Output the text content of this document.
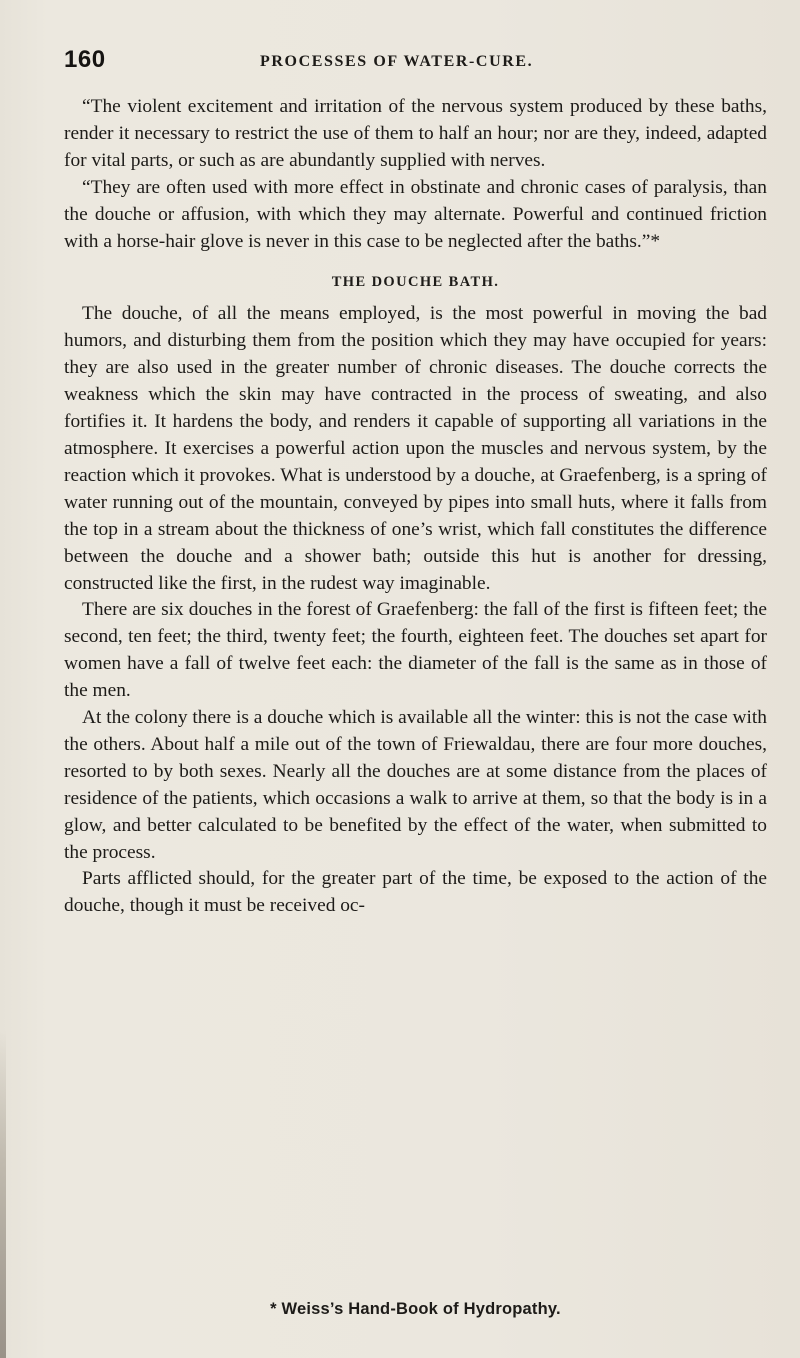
160	PROCESSES OF WATER-CURE.

“The violent excitement and irritation of the nervous system produced by these baths, render it necessary to restrict the use of them to half an hour; nor are they, indeed, adapted for vital parts, or such as are abundantly supplied with nerves.

“They are often used with more effect in obstinate and chronic cases of paralysis, than the douche or affusion, with which they may alternate. Powerful and continued friction with a horse-hair glove is never in this case to be neglected after the baths.”*

THE DOUCHE BATH.

The douche, of all the means employed, is the most powerful in moving the bad humors, and disturbing them from the position which they may have occupied for years: they are also used in the greater number of chronic diseases. The douche corrects the weakness which the skin may have contracted in the process of sweating, and also fortifies it. It hardens the body, and renders it capable of supporting all variations in the atmosphere. It exercises a powerful action upon the muscles and nervous system, by the reaction which it provokes. What is understood by a douche, at Graefenberg, is a spring of water running out of the mountain, conveyed by pipes into small huts, where it falls from the top in a stream about the thickness of one’s wrist, which fall constitutes the difference between the douche and a shower bath; outside this hut is another for dressing, constructed like the first, in the rudest way imaginable.

There are six douches in the forest of Graefenberg: the fall of the first is fifteen feet; the second, ten feet; the third, twenty feet; the fourth, eighteen feet. The douches set apart for women have a fall of twelve feet each: the diameter of the fall is the same as in those of the men.

At the colony there is a douche which is available all the winter: this is not the case with the others. About half a mile out of the town of Friewaldau, there are four more douches, resorted to by both sexes. Nearly all the douches are at some distance from the places of residence of the patients, which occasions a walk to arrive at them, so that the body is in a glow, and better calculated to be benefited by the effect of the water, when submitted to the process.

Parts afflicted should, for the greater part of the time, be exposed to the action of the douche, though it must be received oc-

* Weiss’s Hand-Book of Hydropathy.
